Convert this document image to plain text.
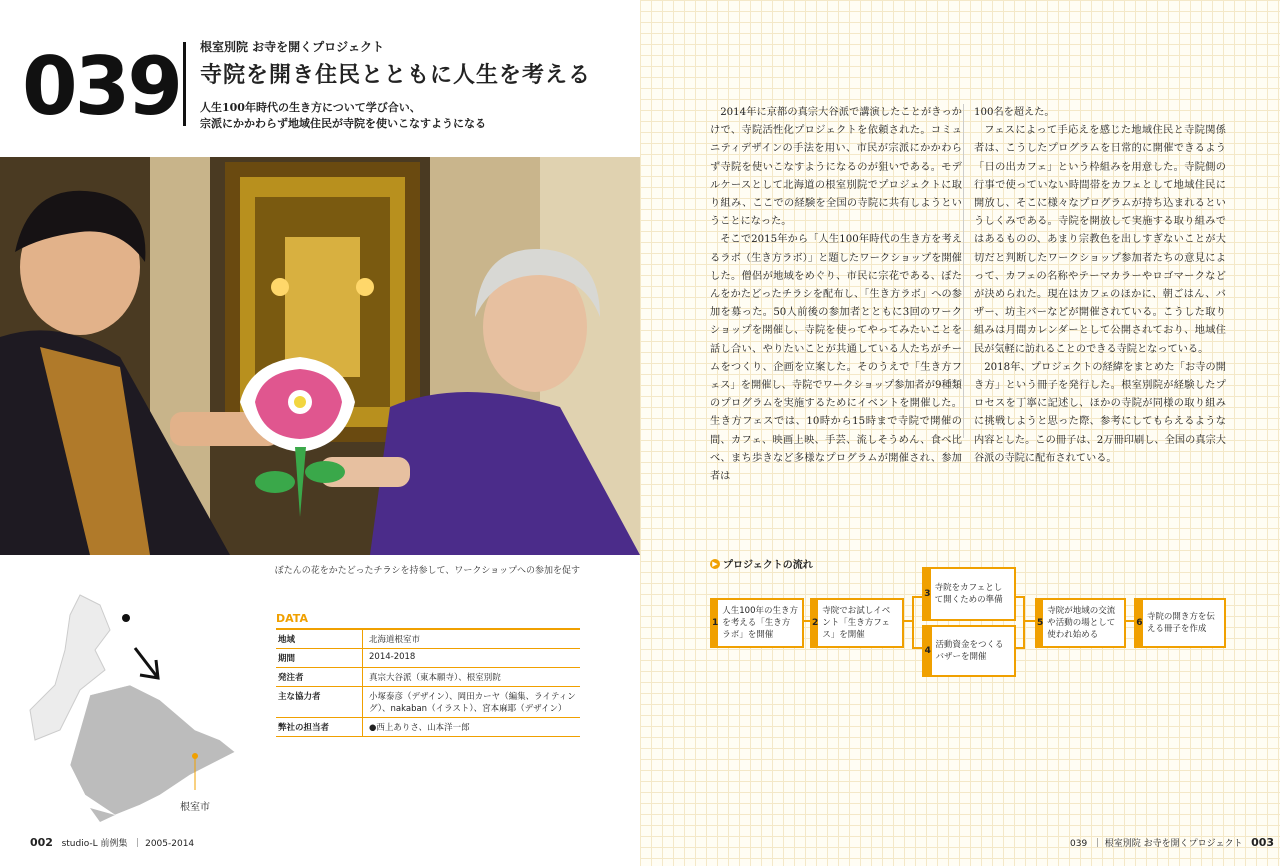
039 根室別院 お寺を開くプロジェクト
寺院を開き住民とともに人生を考える
人生100年時代の生き方について学び合い、
宗派にかかわらず地域住民が寺院を使いこなすようになる
ぼたんの花をかたどったチラシを持参して、ワークショップへの参加を促す
根室市
DATA
地域	北海道根室市
期間	2014-2018
発注者	真宗大谷派（東本願寺）、根室別院
主な協力者	小塚泰彦（デザイン）、岡田カーヤ（編集、ライティング）、nakaban（イラスト）、宮本麻耶（デザイン）
弊社の担当者	●西上ありさ、山本洋一郎
002 studio-L 前例集  ｜ 2005-2014

2014年に京都の真宗大谷派で講演したことがきっかけで、寺院活性化プロジェクトを依頼された。コミュニティデザインの手法を用い、市民が宗派にかかわらず寺院を使いこなすようになるのが狙いである。モデルケースとして北海道の根室別院でプロジェクトに取り組み、ここでの経験を全国の寺院に共有しようということになった。

そこで2015年から「人生100年時代の生き方を考えるラボ（生き方ラボ）」と題したワークショップを開催した。僧侶が地域をめぐり、市民に宗花である、ぼたんをかたどったチラシを配布し、「生き方ラボ」への参加を募った。50人前後の参加者とともに3回のワークショップを開催し、寺院を使ってやってみたいことを話し合い、やりたいことが共通している人たちがチームをつくり、企画を立案した。そのうえで「生き方フェス」を開催し、寺院でワークショップ参加者が9種類のプログラムを実施するためにイベントを開催した。生き方フェスでは、10時から15時まで寺院で開催の間、カフェ、映画上映、手芸、流しそうめん、食べ比べ、まち歩きなど多様なプログラムが開催され、参加者は

100名を超えた。

フェスによって手応えを感じた地域住民と寺院関係者は、こうしたプログラムを日常的に開催できるよう「日の出カフェ」という枠組みを用意した。寺院側の行事で使っていない時間帯をカフェとして地域住民に開放し、そこに様々なプログラムが持ち込まれるというしくみである。寺院を開放して実施する取り組みではあるものの、あまり宗教色を出しすぎないことが大切だと判断したワークショップ参加者たちの意見によって、カフェの名称やテーマカラーやロゴマークなどが決められた。現在はカフェのほかに、朝ごはん、バザー、坊主バーなどが開催されている。こうした取り組みは月間カレンダーとして公開されており、地域住民が気軽に訪れることのできる寺院となっている。

2018年、プロジェクトの経緯をまとめた「お寺の開き方」という冊子を発行した。根室別院が経験したプロセスを丁寧に記述し、ほかの寺院が同様の取り組みに挑戦しようと思った際、参考にしてもらえるような内容とした。この冊子は、2万冊印刷し、全国の真宗大谷派の寺院に配布されている。

▶ プロジェクトの流れ
1
人生100年の生き方を考える「生き方ラボ」を開催
2
寺院でお試しイベント「生き方フェス」を開催
3
寺院をカフェとして開くための準備
4
活動資金をつくるバザーを開催
5
寺院が地域の交流や活動の場として使われ始める
6
寺院の開き方を伝える冊子を作成
039  ｜ 根室別院 お寺を開くプロジェクト 003
